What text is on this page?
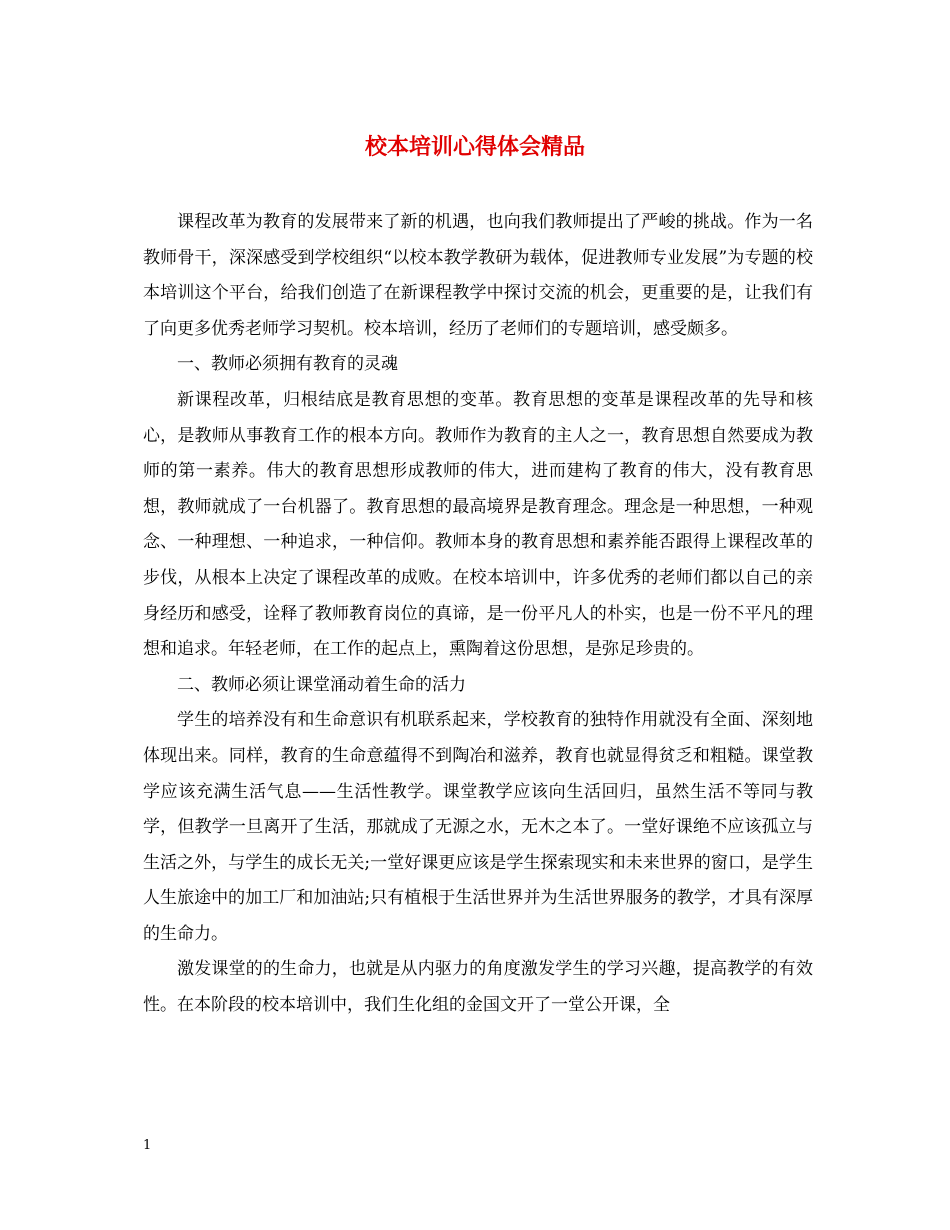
校本培训心得体会精品

课程改革为教育的发展带来了新的机遇，也向我们教师提出了严峻的挑战。作为一名教师骨干，深深感受到学校组织“以校本教学教研为载体，促进教师专业发展”为专题的校本培训这个平台，给我们创造了在新课程教学中探讨交流的机会，更重要的是，让我们有了向更多优秀老师学习契机。校本培训，经历了老师们的专题培训，感受颇多。

一、教师必须拥有教育的灵魂

新课程改革，归根结底是教育思想的变革。教育思想的变革是课程改革的先导和核心，是教师从事教育工作的根本方向。教师作为教育的主人之一，教育思想自然要成为教师的第一素养。伟大的教育思想形成教师的伟大，进而建构了教育的伟大，没有教育思想，教师就成了一台机器了。教育思想的最高境界是教育理念。理念是一种思想，一种观念、一种理想、一种追求，一种信仰。教师本身的教育思想和素养能否跟得上课程改革的步伐，从根本上决定了课程改革的成败。在校本培训中，许多优秀的老师们都以自己的亲身经历和感受，诠释了教师教育岗位的真谛，是一份平凡人的朴实，也是一份不平凡的理想和追求。年轻老师，在工作的起点上，熏陶着这份思想，是弥足珍贵的。

二、教师必须让课堂涌动着生命的活力

学生的培养没有和生命意识有机联系起来，学校教育的独特作用就没有全面、深刻地体现出来。同样，教育的生命意蕴得不到陶冶和滋养，教育也就显得贫乏和粗糙。课堂教学应该充满生活气息——生活性教学。课堂教学应该向生活回归，虽然生活不等同与教学，但教学一旦离开了生活，那就成了无源之水，无木之本了。一堂好课绝不应该孤立与生活之外，与学生的成长无关;一堂好课更应该是学生探索现实和未来世界的窗口，是学生人生旅途中的加工厂和加油站;只有植根于生活世界并为生活世界服务的教学，才具有深厚的生命力。

激发课堂的的生命力，也就是从内驱力的角度激发学生的学习兴趣，提高教学的有效性。在本阶段的校本培训中，我们生化组的金国文开了一堂公开课，全

1
